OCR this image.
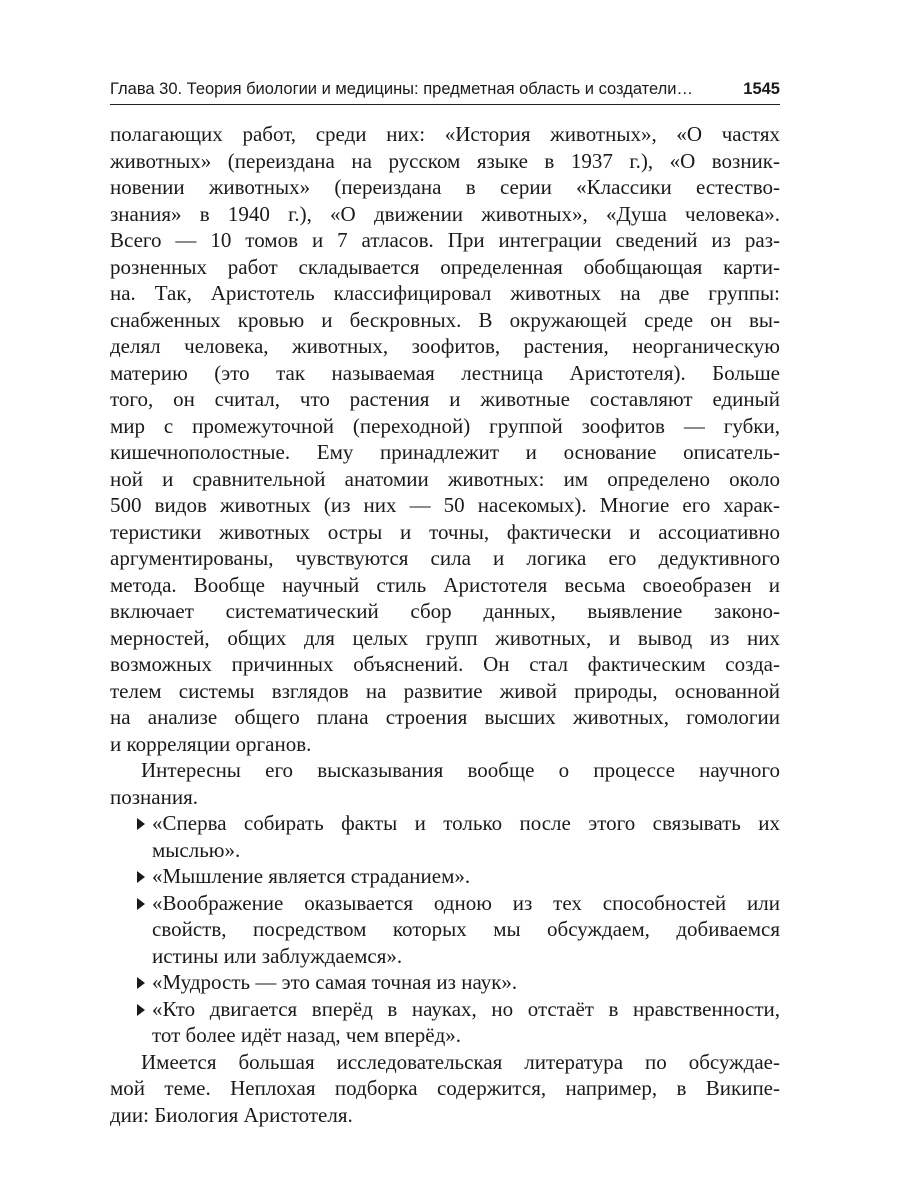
Глава 30. Теория биологии и медицины: предметная область и создатели…	1545
полагающих работ, среди них: «История животных», «О частях
животных» (переиздана на русском языке в 1937 г.), «О возник-
новении животных» (переиздана в серии «Классики естество-
знания» в 1940 г.), «О движении животных», «Душа человека».
Всего — 10 томов и 7 атласов. При интеграции сведений из раз-
розненных работ складывается определенная обобщающая карти-
на. Так, Аристотель классифицировал животных на две группы:
снабженных кровью и бескровных. В окружающей среде он вы-
делял человека, животных, зоофитов, растения, неорганическую
материю (это так называемая лестница Аристотеля). Больше
того, он считал, что растения и животные составляют единый
мир с промежуточной (переходной) группой зоофитов — губки,
кишечнополостные. Ему принадлежит и основание описатель-
ной и сравнительной анатомии животных: им определено около
500 видов животных (из них — 50 насекомых). Многие его харак-
теристики животных остры и точны, фактически и ассоциативно
аргументированы, чувствуются сила и логика его дедуктивного
метода. Вообще научный стиль Аристотеля весьма своеобразен и
включает систематический сбор данных, выявление законо-
мерностей, общих для целых групп животных, и вывод из них
возможных причинных объяснений. Он стал фактическим созда-
телем системы взглядов на развитие живой природы, основанной
на анализе общего плана строения высших животных, гомологии
и корреляции органов.
Интересны его высказывания вообще о процессе научного
познания.
«Сперва собирать факты и только после этого связывать их
мыслью».
«Мышление является страданием».
«Воображение оказывается одною из тех способностей или
свойств, посредством которых мы обсуждаем, добиваемся
истины или заблуждаемся».
«Мудрость — это самая точная из наук».
«Кто двигается вперёд в науках, но отстаёт в нравственности,
тот более идёт назад, чем вперёд».
Имеется большая исследовательская литература по обсуждае-
мой теме. Неплохая подборка содержится, например, в Википе-
дии: Биология Аристотеля.
